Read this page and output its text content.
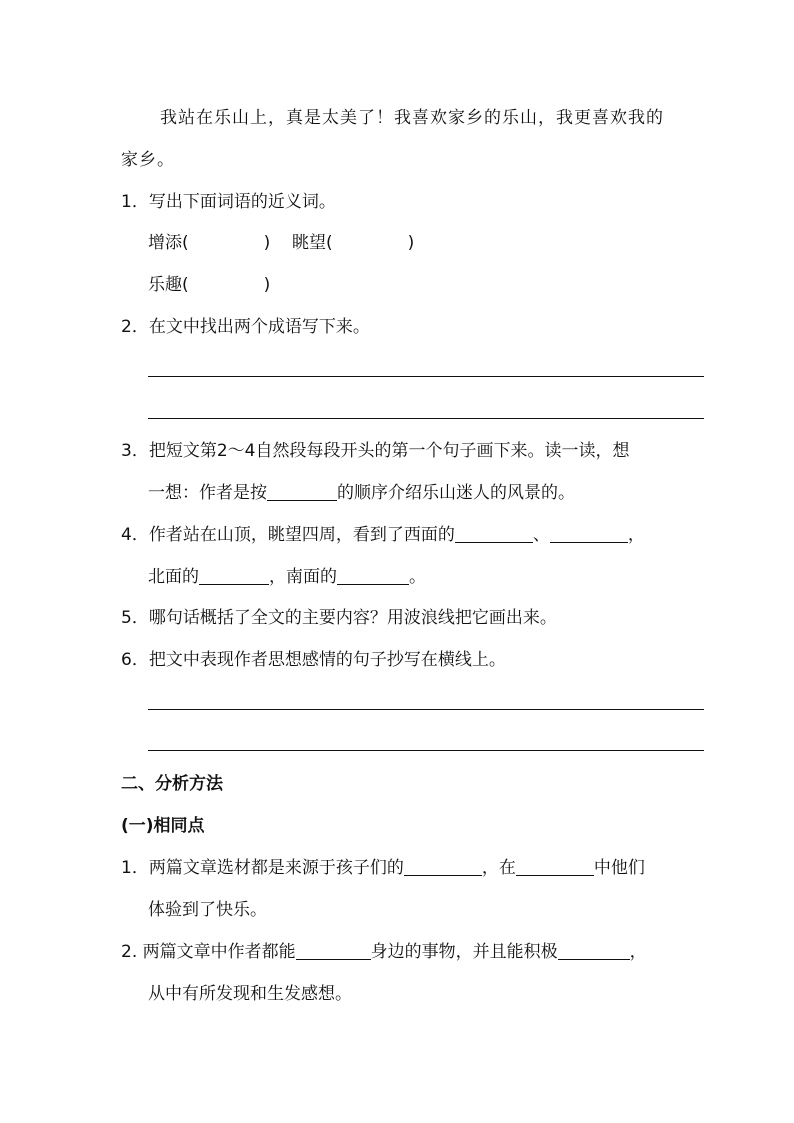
我站在乐山上，真是太美了！我喜欢家乡的乐山，我更喜欢我的
家乡。
1．写出下面词语的近义词。
增添(	) 眺望(	)
乐趣(	)
2．在文中找出两个成语写下来。
3．把短文第2～4自然段每段开头的第一个句子画下来。读一读，想
一想：作者是按	的顺序介绍乐山迷人的风景的。
4．作者站在山顶，眺望四周，看到了西面的	、	，
北面的	，南面的	。
5．哪句话概括了全文的主要内容？用波浪线把它画出来。
6．把文中表现作者思想感情的句子抄写在横线上。
二、分析方法
(一)相同点
1．两篇文章选材都是来源于孩子们的	，在	中他们
体验到了快乐。
2. 两篇文章中作者都能	身边的事物，并且能积极	，
从中有所发现和生发感想。
